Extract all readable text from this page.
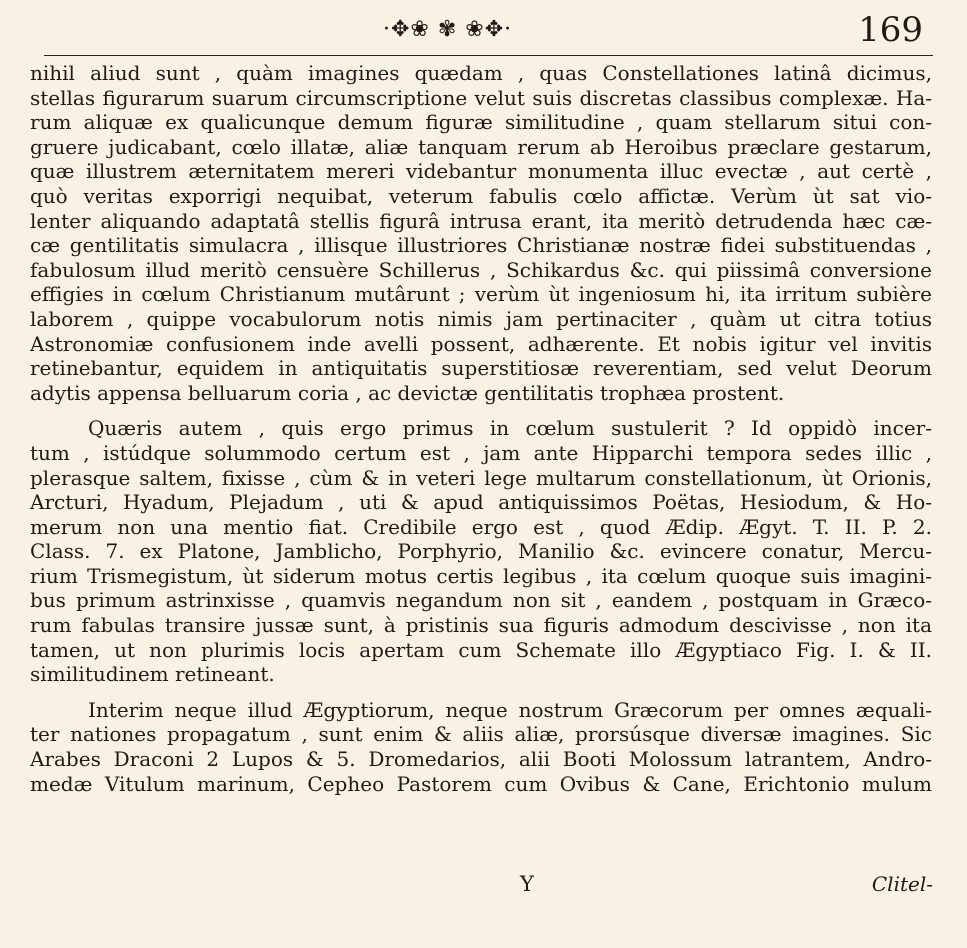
·✥❀ ✾ ❀✥·	169

nihil aliud sunt , quàm imagines quædam , quas Constellationes latinâ dicimus,
stellas figurarum suarum circumscriptione velut suis discretas classibus complexæ. Ha-
rum aliquæ ex qualicunque demum figuræ similitudine , quam stellarum situi con-
gruere judicabant, cœlo illatæ, aliæ tanquam rerum ab Heroibus præclare gestarum,
quæ illustrem æternitatem mereri videbantur monumenta illuc evectæ , aut certè ,
quò veritas exporrigi nequibat, veterum fabulis cœlo affictæ. Verùm ùt sat vio-
lenter aliquando adaptatâ stellis figurâ intrusa erant, ita meritò detrudenda hæc cæ-
cæ gentilitatis simulacra , illisque illustriores Christianæ nostræ fidei substituendas ,
fabulosum illud meritò censuère Schillerus , Schikardus &c. qui piissimâ conversione
effigies in cœlum Christianum mutârunt ; verùm ùt ingeniosum hi, ita irritum subière
laborem , quippe vocabulorum notis nimis jam pertinaciter , quàm ut citra totius
Astronomiæ confusionem inde avelli possent, adhærente. Et nobis igitur vel invitis
retinebantur, equidem in antiquitatis superstitiosæ reverentiam, sed velut Deorum
adytis appensa belluarum coria , ac devictæ gentilitatis trophæa prostent.

Quæris autem , quis ergo primus in cœlum sustulerit ? Id oppidò incer-
tum , istúdque solummodo certum est , jam ante Hipparchi tempora sedes illic ,
plerasque saltem, fixisse , cùm & in veteri lege multarum constellationum, ùt Orionis,
Arcturi, Hyadum, Plejadum , uti & apud antiquissimos Poëtas, Hesiodum, & Ho-
merum non una mentio fiat. Credibile ergo est , quod Ædip. Ægyt. T. II. P. 2.
Class. 7. ex Platone, Jamblicho, Porphyrio, Manilio &c. evincere conatur, Mercu-
rium Trismegistum, ùt siderum motus certis legibus , ita cœlum quoque suis imagini-
bus primum astrinxisse , quamvis negandum non sit , eandem , postquam in Græco-
rum fabulas transire jussæ sunt, à pristinis sua figuris admodum descivisse , non ita
tamen, ut non plurimis locis apertam cum Schemate illo Ægyptiaco Fig. I. & II.
similitudinem retineant.

Interim neque illud Ægyptiorum, neque nostrum Græcorum per omnes æquali-
ter nationes propagatum , sunt enim & aliis aliæ, prorsúsque diversæ imagines. Sic
Arabes Draconi 2 Lupos & 5. Dromedarios, alii Booti Molossum latrantem, Andro-
medæ Vitulum marinum, Cepheo Pastorem cum Ovibus & Cane, Erichtonio mulum

Y	Clitel-
